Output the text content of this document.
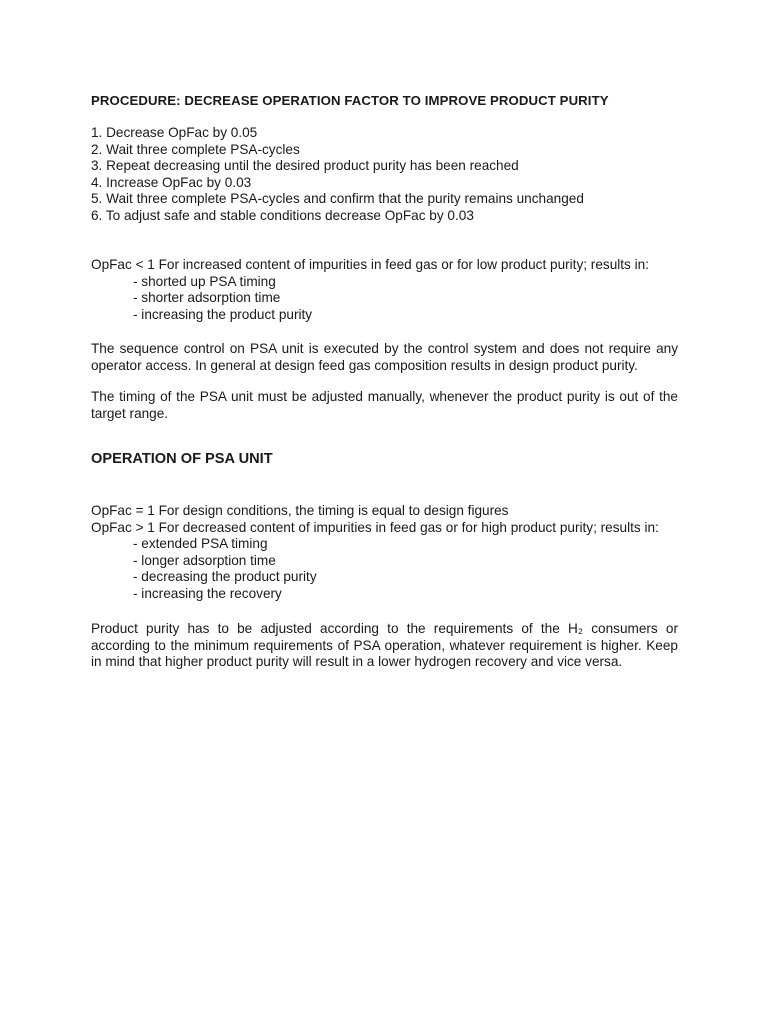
PROCEDURE: DECREASE OPERATION FACTOR TO IMPROVE PRODUCT PURITY
1. Decrease OpFac by 0.05
2. Wait three complete PSA-cycles
3. Repeat decreasing until the desired product purity has been reached
4. Increase OpFac by 0.03
5. Wait three complete PSA-cycles and confirm that the purity remains unchanged
6. To adjust safe and stable conditions decrease OpFac by 0.03

OpFac < 1 For increased content of impurities in feed gas or for low product purity; results in:

- shorted up PSA timing
- shorter adsorption time
- increasing the product purity

The sequence control on PSA unit is executed by the control system and does not require any operator access. In general at design feed gas composition results in design product purity.

The timing of the PSA unit must be adjusted manually, whenever the product purity is out of the target range.

OPERATION OF PSA UNIT

OpFac = 1 For design conditions, the timing is equal to design figures

OpFac > 1 For decreased content of impurities in feed gas or for high product purity; results in:

- extended PSA timing
- longer adsorption time
- decreasing the product purity
- increasing the recovery

Product purity has to be adjusted according to the requirements of the H₂ consumers or according to the minimum requirements of PSA operation, whatever requirement is higher. Keep in mind that higher product purity will result in a lower hydrogen recovery and vice versa.
